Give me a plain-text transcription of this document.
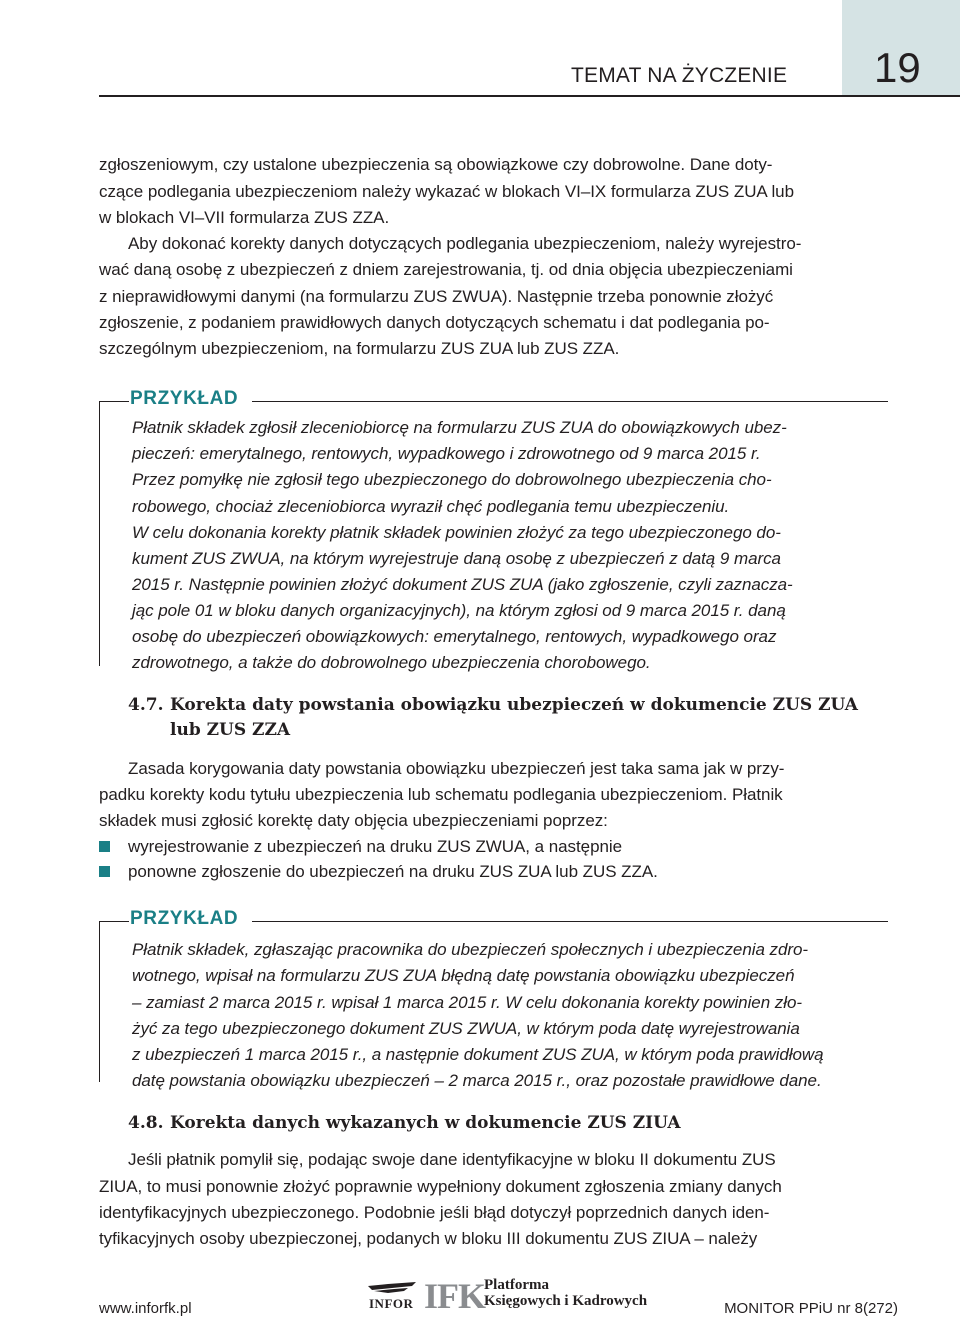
TEMAT NA ŻYCZENIE 19
zgłoszeniowym, czy ustalone ubezpieczenia są obowiązkowe czy dobrowolne. Dane doty-
czące podlegania ubezpieczeniom należy wykazać w blokach VI–IX formularza ZUS ZUA lub
w blokach VI–VII formularza ZUS ZZA.
Aby dokonać korekty danych dotyczących podlegania ubezpieczeniom, należy wyrejestro-
wać daną osobę z ubezpieczeń z dniem zarejestrowania, tj. od dnia objęcia ubezpieczeniami
z nieprawidłowymi danymi (na formularzu ZUS ZWUA). Następnie trzeba ponownie złożyć
zgłoszenie, z podaniem prawidłowych danych dotyczących schematu i dat podlegania po-
szczególnym ubezpieczeniom, na formularzu ZUS ZUA lub ZUS ZZA.
PRZYKŁAD
Płatnik składek zgłosił zleceniobiorcę na formularzu ZUS ZUA do obowiązkowych ubez-
pieczeń: emerytalnego, rentowych, wypadkowego i zdrowotnego od 9 marca 2015 r.
Przez pomyłkę nie zgłosił tego ubezpieczonego do dobrowolnego ubezpieczenia cho-
robowego, chociaż zleceniobiorca wyraził chęć podlegania temu ubezpieczeniu.
W celu dokonania korekty płatnik składek powinien złożyć za tego ubezpieczonego do-
kument ZUS ZWUA, na którym wyrejestruje daną osobę z ubezpieczeń z datą 9 marca
2015 r. Następnie powinien złożyć dokument ZUS ZUA (jako zgłoszenie, czyli zaznacza-
jąc pole 01 w bloku danych organizacyjnych), na którym zgłosi od 9 marca 2015 r. daną
osobę do ubezpieczeń obowiązkowych: emerytalnego, rentowych, wypadkowego oraz
zdrowotnego, a także do dobrowolnego ubezpieczenia chorobowego.
4.7. Korekta daty powstania obowiązku ubezpieczeń w dokumencie ZUS ZUA
lub ZUS ZZA
Zasada korygowania daty powstania obowiązku ubezpieczeń jest taka sama jak w przy-
padku korekty kodu tytułu ubezpieczenia lub schematu podlegania ubezpieczeniom. Płatnik
składek musi zgłosić korektę daty objęcia ubezpieczeniami poprzez:
wyrejestrowanie z ubezpieczeń na druku ZUS ZWUA, a następnie
ponowne zgłoszenie do ubezpieczeń na druku ZUS ZUA lub ZUS ZZA.
PRZYKŁAD
Płatnik składek, zgłaszając pracownika do ubezpieczeń społecznych i ubezpieczenia zdro-
wotnego, wpisał na formularzu ZUS ZUA błędną datę powstania obowiązku ubezpieczeń
– zamiast 2 marca 2015 r. wpisał 1 marca 2015 r. W celu dokonania korekty powinien zło-
żyć za tego ubezpieczonego dokument ZUS ZWUA, w którym poda datę wyrejestrowania
z ubezpieczeń 1 marca 2015 r., a następnie dokument ZUS ZUA, w którym poda prawidłową
datę powstania obowiązku ubezpieczeń – 2 marca 2015 r., oraz pozostałe prawidłowe dane.
4.8. Korekta danych wykazanych w dokumencie ZUS ZIUA
Jeśli płatnik pomylił się, podając swoje dane identyfikacyjne w bloku II dokumentu ZUS
ZIUA, to musi ponownie złożyć poprawnie wypełniony dokument zgłoszenia zmiany danych
identyfikacyjnych ubezpieczonego. Podobnie jeśli błąd dotyczył poprzednich danych iden-
tyfikacyjnych osoby ubezpieczonej, podanych w bloku III dokumentu ZUS ZIUA – należy
www.inforfk.pl	INFOR IFK
Platforma
Księgowych i Kadrowych	MONITOR PPiU nr 8(272)
